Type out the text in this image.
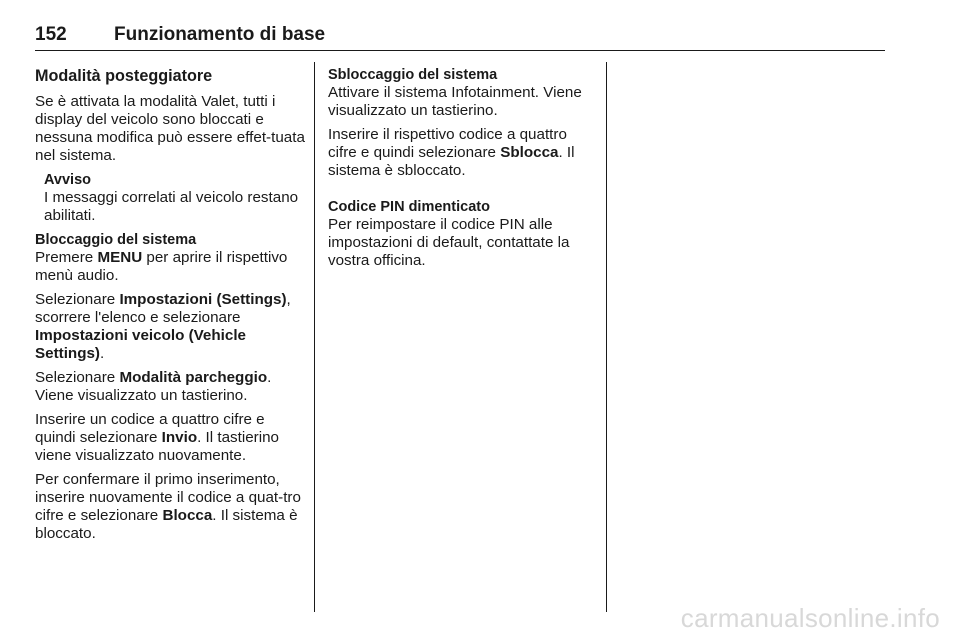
152 Funzionamento di base
Modalità posteggiatore

Se è attivata la modalità Valet, tutti i display del veicolo sono bloccati e nessuna modifica può essere effet-tuata nel sistema.

Avviso
I messaggi correlati al veicolo restano abilitati.
Bloccaggio del sistema

Premere MENU per aprire il rispettivo menù audio.

Selezionare Impostazioni (Settings), scorrere l'elenco e selezionare Impostazioni veicolo (Vehicle Settings).

Selezionare Modalità parcheggio. Viene visualizzato un tastierino.

Inserire un codice a quattro cifre e quindi selezionare Invio. Il tastierino viene visualizzato nuovamente.

Per confermare il primo inserimento, inserire nuovamente il codice a quat-tro cifre e selezionare Blocca. Il sistema è bloccato.

Sbloccaggio del sistema

Attivare il sistema Infotainment. Viene visualizzato un tastierino.

Inserire il rispettivo codice a quattro cifre e quindi selezionare Sblocca. Il sistema è sbloccato.

Codice PIN dimenticato

Per reimpostare il codice PIN alle impostazioni di default, contattate la vostra officina.

carmanualsonline.info
